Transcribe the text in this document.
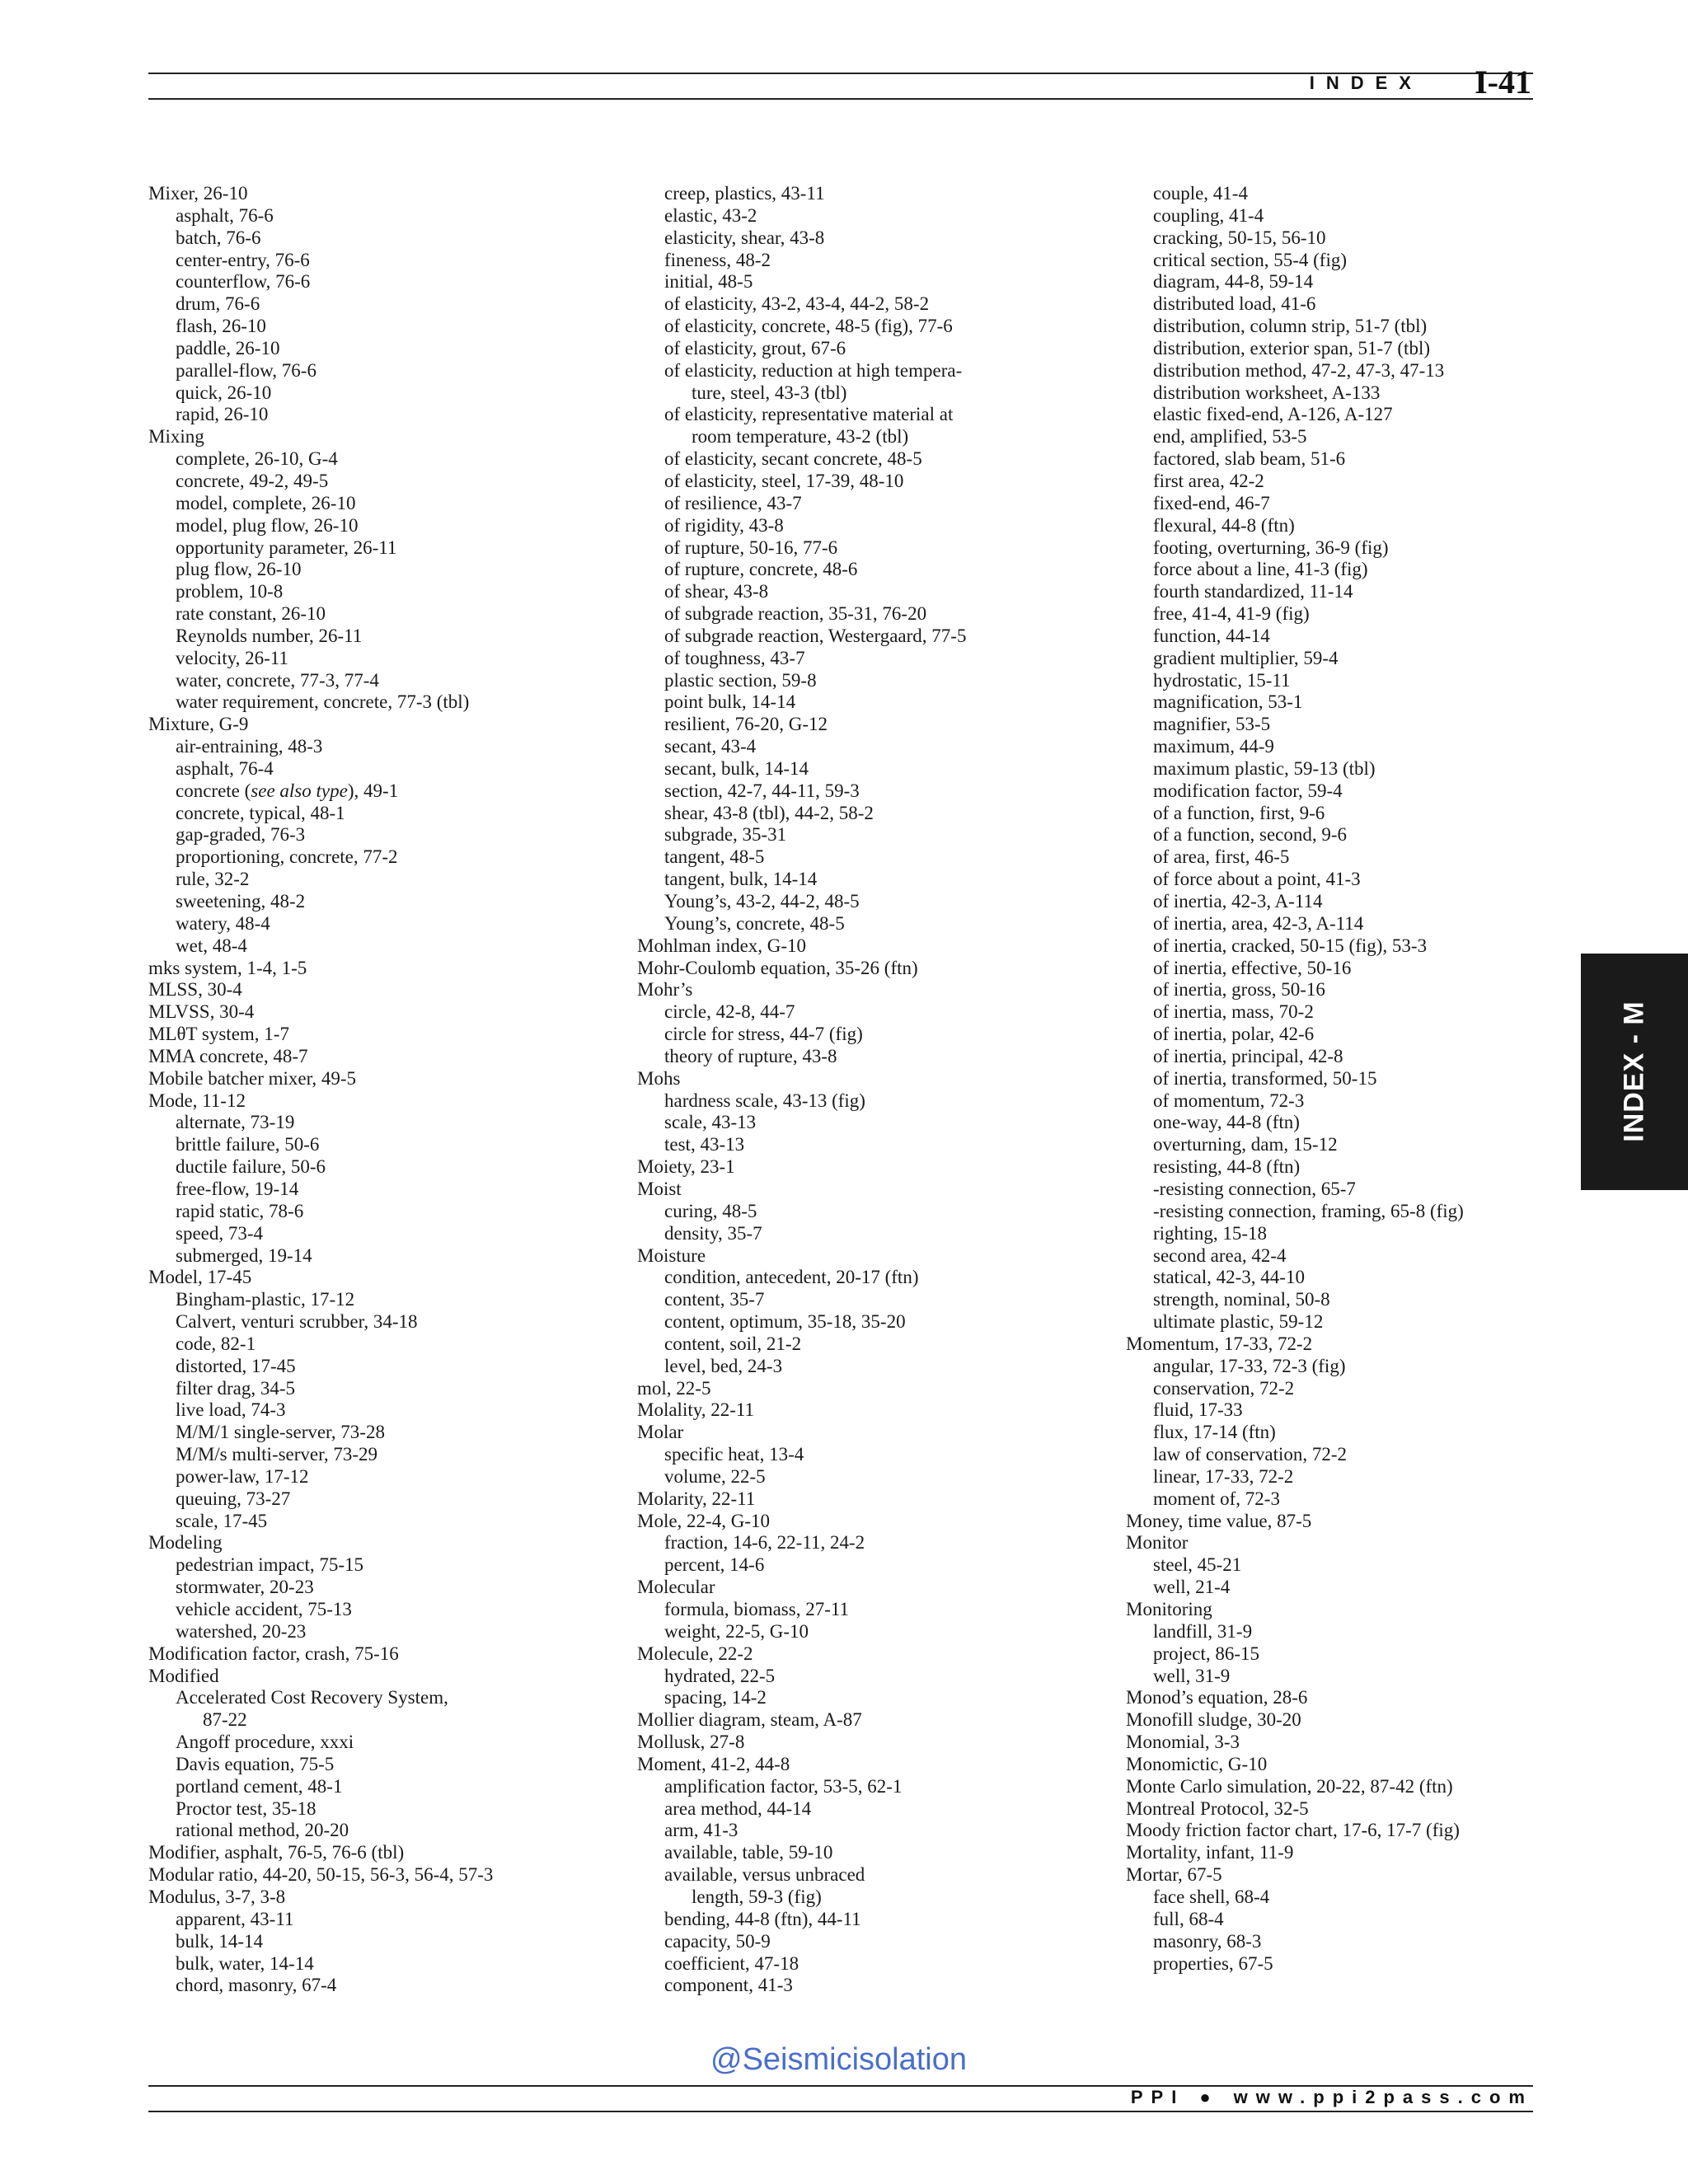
INDEX I-41
Mixer, 26-10
asphalt, 76-6
batch, 76-6
center-entry, 76-6
counterflow, 76-6
drum, 76-6
flash, 26-10
paddle, 26-10
parallel-flow, 76-6
quick, 26-10
rapid, 26-10
Mixing
complete, 26-10, G-4
concrete, 49-2, 49-5
model, complete, 26-10
model, plug flow, 26-10
opportunity parameter, 26-11
plug flow, 26-10
problem, 10-8
rate constant, 26-10
Reynolds number, 26-11
velocity, 26-11
water, concrete, 77-3, 77-4
water requirement, concrete, 77-3 (tbl)
Mixture, G-9
air-entraining, 48-3
asphalt, 76-4
concrete (see also type), 49-1
concrete, typical, 48-1
gap-graded, 76-3
proportioning, concrete, 77-2
rule, 32-2
sweetening, 48-2
watery, 48-4
wet, 48-4
mks system, 1-4, 1-5
MLSS, 30-4
MLVSS, 30-4
MLθT system, 1-7
MMA concrete, 48-7
Mobile batcher mixer, 49-5
Mode, 11-12
alternate, 73-19
brittle failure, 50-6
ductile failure, 50-6
free-flow, 19-14
rapid static, 78-6
speed, 73-4
submerged, 19-14
Model, 17-45
Bingham-plastic, 17-12
Calvert, venturi scrubber, 34-18
code, 82-1
distorted, 17-45
filter drag, 34-5
live load, 74-3
M/M/1 single-server, 73-28
M/M/s multi-server, 73-29
power-law, 17-12
queuing, 73-27
scale, 17-45
Modeling
pedestrian impact, 75-15
stormwater, 20-23
vehicle accident, 75-13
watershed, 20-23
Modification factor, crash, 75-16
Modified
Accelerated Cost Recovery System,
87-22
Angoff procedure, xxxi
Davis equation, 75-5
portland cement, 48-1
Proctor test, 35-18
rational method, 20-20
Modifier, asphalt, 76-5, 76-6 (tbl)
Modular ratio, 44-20, 50-15, 56-3, 56-4, 57-3
Modulus, 3-7, 3-8
apparent, 43-11
bulk, 14-14
bulk, water, 14-14
chord, masonry, 67-4
creep, plastics, 43-11
elastic, 43-2
elasticity, shear, 43-8
fineness, 48-2
initial, 48-5
of elasticity, 43-2, 43-4, 44-2, 58-2
of elasticity, concrete, 48-5 (fig), 77-6
of elasticity, grout, 67-6
of elasticity, reduction at high tempera-
ture, steel, 43-3 (tbl)
of elasticity, representative material at
room temperature, 43-2 (tbl)
of elasticity, secant concrete, 48-5
of elasticity, steel, 17-39, 48-10
of resilience, 43-7
of rigidity, 43-8
of rupture, 50-16, 77-6
of rupture, concrete, 48-6
of shear, 43-8
of subgrade reaction, 35-31, 76-20
of subgrade reaction, Westergaard, 77-5
of toughness, 43-7
plastic section, 59-8
point bulk, 14-14
resilient, 76-20, G-12
secant, 43-4
secant, bulk, 14-14
section, 42-7, 44-11, 59-3
shear, 43-8 (tbl), 44-2, 58-2
subgrade, 35-31
tangent, 48-5
tangent, bulk, 14-14
Young’s, 43-2, 44-2, 48-5
Young’s, concrete, 48-5
Mohlman index, G-10
Mohr-Coulomb equation, 35-26 (ftn)
Mohr’s
circle, 42-8, 44-7
circle for stress, 44-7 (fig)
theory of rupture, 43-8
Mohs
hardness scale, 43-13 (fig)
scale, 43-13
test, 43-13
Moiety, 23-1
Moist
curing, 48-5
density, 35-7
Moisture
condition, antecedent, 20-17 (ftn)
content, 35-7
content, optimum, 35-18, 35-20
content, soil, 21-2
level, bed, 24-3
mol, 22-5
Molality, 22-11
Molar
specific heat, 13-4
volume, 22-5
Molarity, 22-11
Mole, 22-4, G-10
fraction, 14-6, 22-11, 24-2
percent, 14-6
Molecular
formula, biomass, 27-11
weight, 22-5, G-10
Molecule, 22-2
hydrated, 22-5
spacing, 14-2
Mollier diagram, steam, A-87
Mollusk, 27-8
Moment, 41-2, 44-8
amplification factor, 53-5, 62-1
area method, 44-14
arm, 41-3
available, table, 59-10
available, versus unbraced
length, 59-3 (fig)
bending, 44-8 (ftn), 44-11
capacity, 50-9
coefficient, 47-18
component, 41-3
couple, 41-4
coupling, 41-4
cracking, 50-15, 56-10
critical section, 55-4 (fig)
diagram, 44-8, 59-14
distributed load, 41-6
distribution, column strip, 51-7 (tbl)
distribution, exterior span, 51-7 (tbl)
distribution method, 47-2, 47-3, 47-13
distribution worksheet, A-133
elastic fixed-end, A-126, A-127
end, amplified, 53-5
factored, slab beam, 51-6
first area, 42-2
fixed-end, 46-7
flexural, 44-8 (ftn)
footing, overturning, 36-9 (fig)
force about a line, 41-3 (fig)
fourth standardized, 11-14
free, 41-4, 41-9 (fig)
function, 44-14
gradient multiplier, 59-4
hydrostatic, 15-11
magnification, 53-1
magnifier, 53-5
maximum, 44-9
maximum plastic, 59-13 (tbl)
modification factor, 59-4
of a function, first, 9-6
of a function, second, 9-6
of area, first, 46-5
of force about a point, 41-3
of inertia, 42-3, A-114
of inertia, area, 42-3, A-114
of inertia, cracked, 50-15 (fig), 53-3
of inertia, effective, 50-16
of inertia, gross, 50-16
of inertia, mass, 70-2
of inertia, polar, 42-6
of inertia, principal, 42-8
of inertia, transformed, 50-15
of momentum, 72-3
one-way, 44-8 (ftn)
overturning, dam, 15-12
resisting, 44-8 (ftn)
-resisting connection, 65-7
-resisting connection, framing, 65-8 (fig)
righting, 15-18
second area, 42-4
statical, 42-3, 44-10
strength, nominal, 50-8
ultimate plastic, 59-12
Momentum, 17-33, 72-2
angular, 17-33, 72-3 (fig)
conservation, 72-2
fluid, 17-33
flux, 17-14 (ftn)
law of conservation, 72-2
linear, 17-33, 72-2
moment of, 72-3
Money, time value, 87-5
Monitor
steel, 45-21
well, 21-4
Monitoring
landfill, 31-9
project, 86-15
well, 31-9
Monod’s equation, 28-6
Monofill sludge, 30-20
Monomial, 3-3
Monomictic, G-10
Monte Carlo simulation, 20-22, 87-42 (ftn)
Montreal Protocol, 32-5
Moody friction factor chart, 17-6, 17-7 (fig)
Mortality, infant, 11-9
Mortar, 67-5
face shell, 68-4
full, 68-4
masonry, 68-3
properties, 67-5
INDEX - M
@Seismicisolation
PPI ● www.ppi2pass.com
